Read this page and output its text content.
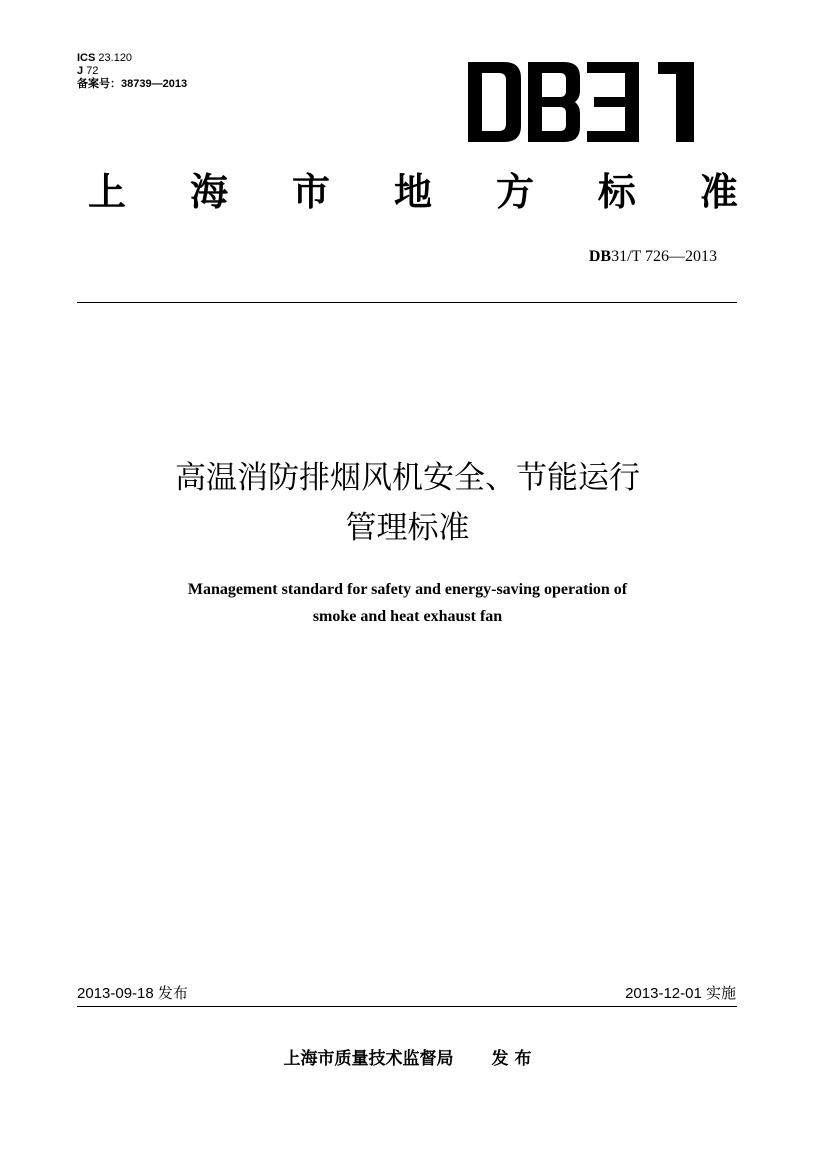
ICS 23.120
J 72
备案号：38739—2013
上 海 市 地 方 标 准
DB31/T 726—2013
高温消防排烟风机安全、节能运行
管理标准
Management standard for safety and energy-saving operation of
smoke and heat exhaust fan
2013-09-18 发布	2013-12-01 实施
上海市质量技术监督局 发 布
